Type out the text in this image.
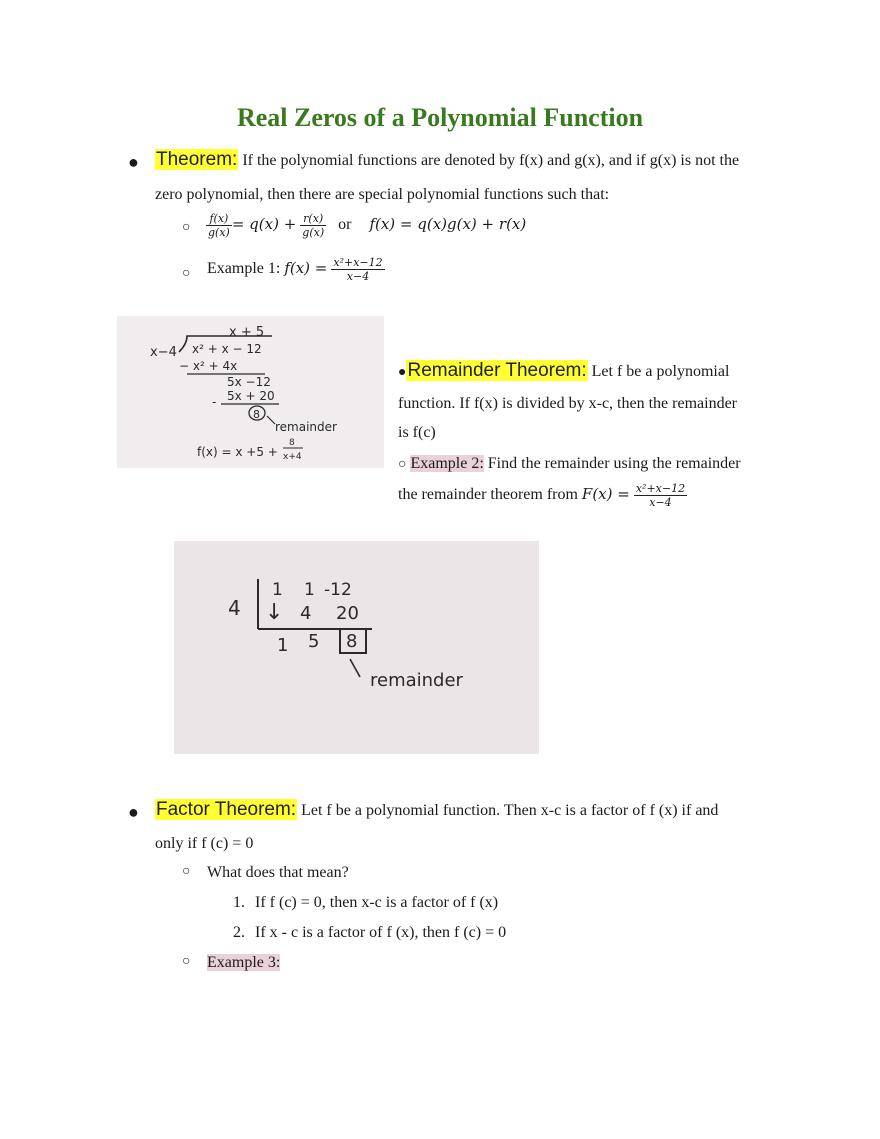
Real Zeros of a Polynomial Function
● Theorem: If the polynomial functions are denoted by f(x) and g(x), and if g(x) is not the
zero polynomial, then there are special polynomial functions such that:
○ $\frac{f(x)}{g(x)} = q(x) + \frac{r(x)}{g(x)}$ or f(x) = q(x)g(x) + r(x)
○ Example 1: $f(x) = \frac{\text{x²+x−12}}{x-4}$
x + 5
x−4 x² + x − 12
− x² + 4x
5x −12
5x + 20
-
8
remainder
f(x) = x +5 +
8
x+4
●Remainder Theorem: Let f be a polynomial
function. If f(x) is divided by x-c, then the remainder
is f(c)
○ Example 2: Find the remainder using the remainder
the remainder theorem from $F(x) = \frac{\text{x²+x−12}}{x-4}$
4
1 1 -12
↓ 4 20
1 5 8
remainder
● Factor Theorem: Let f be a polynomial function. Then x-c is a factor of f (x) if and
only if f (c) = 0
○ What does that mean?
1. If f (c) = 0, then x-c is a factor of f (x)
2. If x - c is a factor of f (x), then f (c) = 0
○ Example 3:
